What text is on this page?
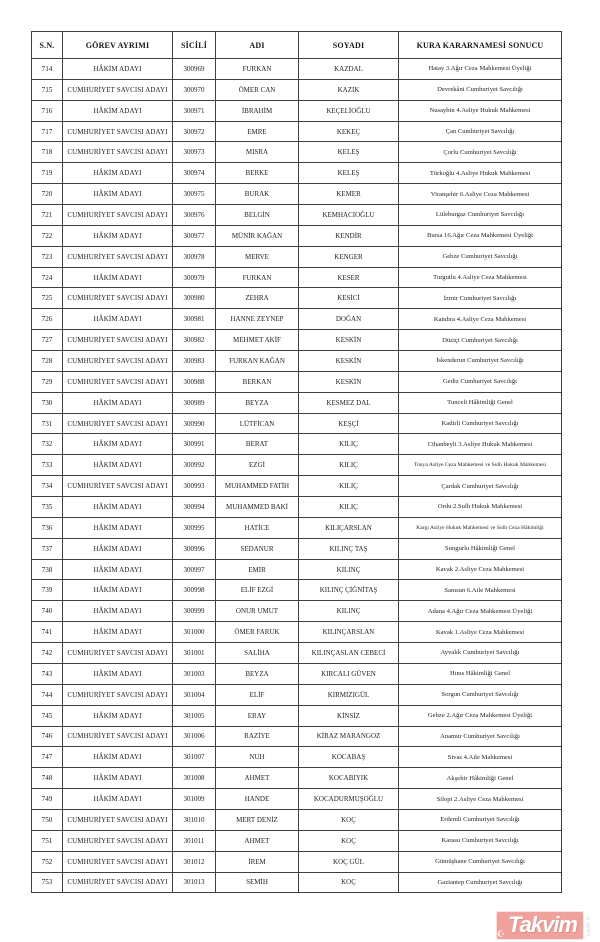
S.N.	GÖREV AYRIMI	SİCİLİ	ADI	SOYADI	KURA KARARNAMESİ SONUCU
714	HÂKİM ADAYI	300969	FURKAN	KAZDAL	Hatay 3.Ağır Ceza Mahkemesi Üyeliği
715	CUMHURİYET SAVCISI ADAYI	300970	ÖMER CAN	KAZIK	Devrekâni Cumhuriyet Savcılığı
716	HÂKİM ADAYI	300971	İBRAHİM	KEÇELİOĞLU	Nusaybin 4.Asliye Hukuk Mahkemesi
717	CUMHURİYET SAVCISI ADAYI	300972	EMRE	KEKEÇ	Çan Cumhuriyet Savcılığı
718	CUMHURİYET SAVCISI ADAYI	300973	MISRA	KELEŞ	Çorlu Cumhuriyet Savcılığı
719	HÂKİM ADAYI	300974	BERKE	KELEŞ	Türkoğlu 4.Asliye Hukuk Mahkemesi
720	HÂKİM ADAYI	300975	BURAK	KEMER	Viranşehir 6.Asliye Ceza Mahkemesi
721	CUMHURİYET SAVCISI ADAYI	300976	BELGİN	KEMHACIOĞLU	Lüleburgaz Cumhuriyet Savcılığı
722	HÂKİM ADAYI	300977	MÜNİR KAĞAN	KENDİR	Bursa 16.Ağır Ceza Mahkemesi Üyeliği
723	CUMHURİYET SAVCISI ADAYI	300978	MERVE	KENGER	Gebze Cumhuriyet Savcılığı
724	HÂKİM ADAYI	300979	FURKAN	KESER	Turgutlu 4.Asliye Ceza Mahkemesi
725	CUMHURİYET SAVCISI ADAYI	300980	ZEHRA	KESİCİ	İzmir Cumhuriyet Savcılığı
726	HÂKİM ADAYI	300981	HANNE ZEYNEP	DOĞAN	Kandıra 4.Asliye Ceza Mahkemesi
727	CUMHURİYET SAVCISI ADAYI	300982	MEHMET AKİF	KESKİN	Düziçi Cumhuriyet Savcılığı
728	CUMHURİYET SAVCISI ADAYI	300983	FURKAN KAĞAN	KESKİN	İskenderun Cumhuriyet Savcılığı
729	CUMHURİYET SAVCISI ADAYI	300988	BERKAN	KESKİN	Gediz Cumhuriyet Savcılığı
730	HÂKİM ADAYI	300989	BEYZA	KESMEZ DAL	Tunceli Hâkimliği Genel
731	CUMHURİYET SAVCISI ADAYI	300990	LÜTFİCAN	KEŞÇİ	Kadirli Cumhuriyet Savcılığı
732	HÂKİM ADAYI	300991	BERAT	KILIÇ	Cihanbeyli 3.Asliye Hukuk Mahkemesi
733	HÂKİM ADAYI	300992	EZGİ	KILIÇ	Tonya Asliye Ceza Mahkemesi ve Sulh Hukuk Mahkemesi
734	CUMHURİYET SAVCISI ADAYI	300993	MUHAMMED FATİH	KILIÇ	Çardak Cumhuriyet Savcılığı
735	HÂKİM ADAYI	300994	MUHAMMED BAKİ	KILIÇ	Ordu 2.Sulh Hukuk Mahkemesi
736	HÂKİM ADAYI	300995	HATİCE	KILIÇARSLAN	Kargı Asliye Hukuk Mahkemesi ve Sulh Ceza Hâkimliği
737	HÂKİM ADAYI	300996	SEDANUR	KILINÇ TAŞ	Sungurlu Hâkimliği Genel
738	HÂKİM ADAYI	300997	EMİR	KILINÇ	Kavak 2.Asliye Ceza Mahkemesi
739	HÂKİM ADAYI	300998	ELİF EZGİ	KILINÇ ÇİĞNİTAŞ	Samsun 6.Aile Mahkemesi
740	HÂKİM ADAYI	300999	ONUR UMUT	KILINÇ	Adana 4.Ağır Ceza Mahkemesi Üyeliği
741	HÂKİM ADAYI	301000	ÖMER FARUK	KILINÇARSLAN	Kavak 1.Asliye Ceza Mahkemesi
742	CUMHURİYET SAVCISI ADAYI	301001	SALİHA	KILINÇASLAN CEBECİ	Ayvalık Cumhuriyet Savcılığı
743	HÂKİM ADAYI	301003	BEYZA	KIRCALI GÜVEN	Hınıs Hâkimliği Genel
744	CUMHURİYET SAVCISI ADAYI	301004	ELİF	KIRMIZIGÜL	Sorgun Cumhuriyet Savcılığı
745	HÂKİM ADAYI	301005	ERAY	KİNSİZ	Gebze 2.Ağır Ceza Mahkemesi Üyeliği
746	CUMHURİYET SAVCISI ADAYI	301006	RAZİYE	KİRAZ MARANGOZ	Anamur Cumhuriyet Savcılığı
747	HÂKİM ADAYI	301007	NUH	KOCABAŞ	Sivas 4.Aile Mahkemesi
748	HÂKİM ADAYI	301008	AHMET	KOCABIYIK	Akşehir Hâkimliği Genel
749	HÂKİM ADAYI	301009	HANDE	KOCADURMUŞOĞLU	Silopi 2.Asliye Ceza Mahkemesi
750	CUMHURİYET SAVCISI ADAYI	301010	MERT DENİZ	KOÇ	Erdemli Cumhuriyet Savcılığı
751	CUMHURİYET SAVCISI ADAYI	301011	AHMET	KOÇ	Karasu Cumhuriyet Savcılığı
752	CUMHURİYET SAVCISI ADAYI	301012	İREM	KOÇ GÜL	Gümüşhane Cumhuriyet Savcılığı
753	CUMHURİYET SAVCISI ADAYI	301013	SEMİH	KOÇ	Gaziantep Cumhuriyet Savcılığı
☪ Takvim com.tr
